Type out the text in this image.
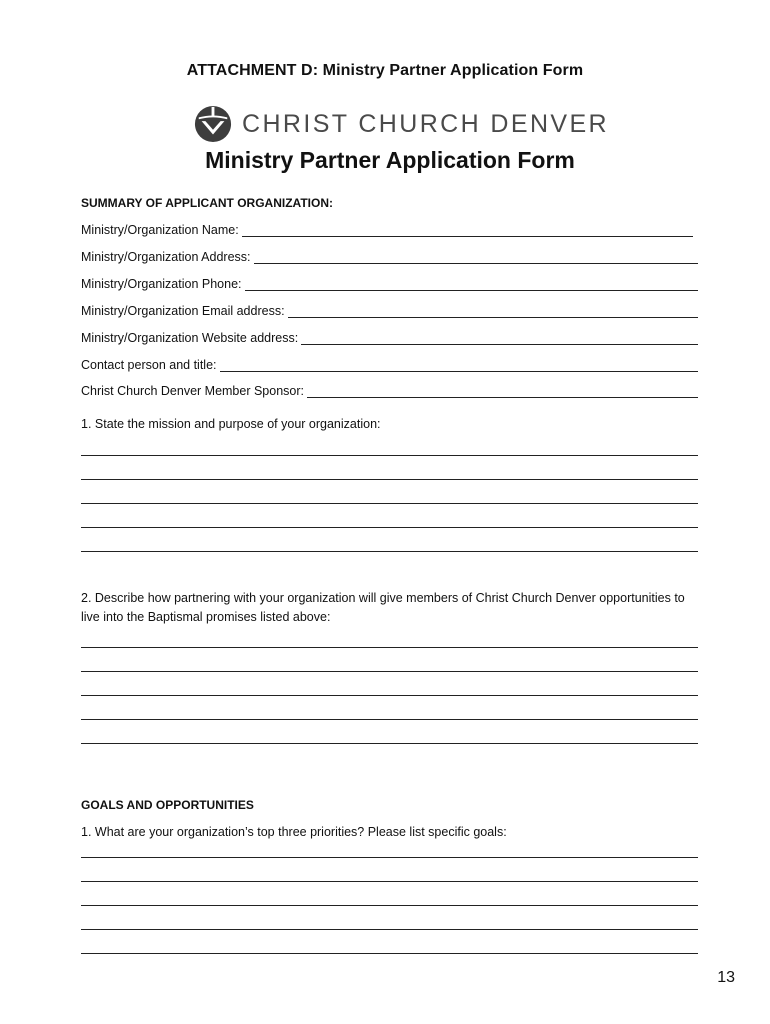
ATTACHMENT D: Ministry Partner Application Form
CHRIST CHURCH DENVER
Ministry Partner Application Form
SUMMARY OF APPLICANT ORGANIZATION:
Ministry/Organization Name:
Ministry/Organization Address:
Ministry/Organization Phone:
Ministry/Organization Email address:
Ministry/Organization Website address:
Contact person and title:
Christ Church Denver Member Sponsor:
1. State the mission and purpose of your organization:
2. Describe how partnering with your organization will give members of Christ Church Denver opportunities to live into the Baptismal promises listed above:
GOALS AND OPPORTUNITIES
1. What are your organization’s top three priorities? Please list specific goals:
13
